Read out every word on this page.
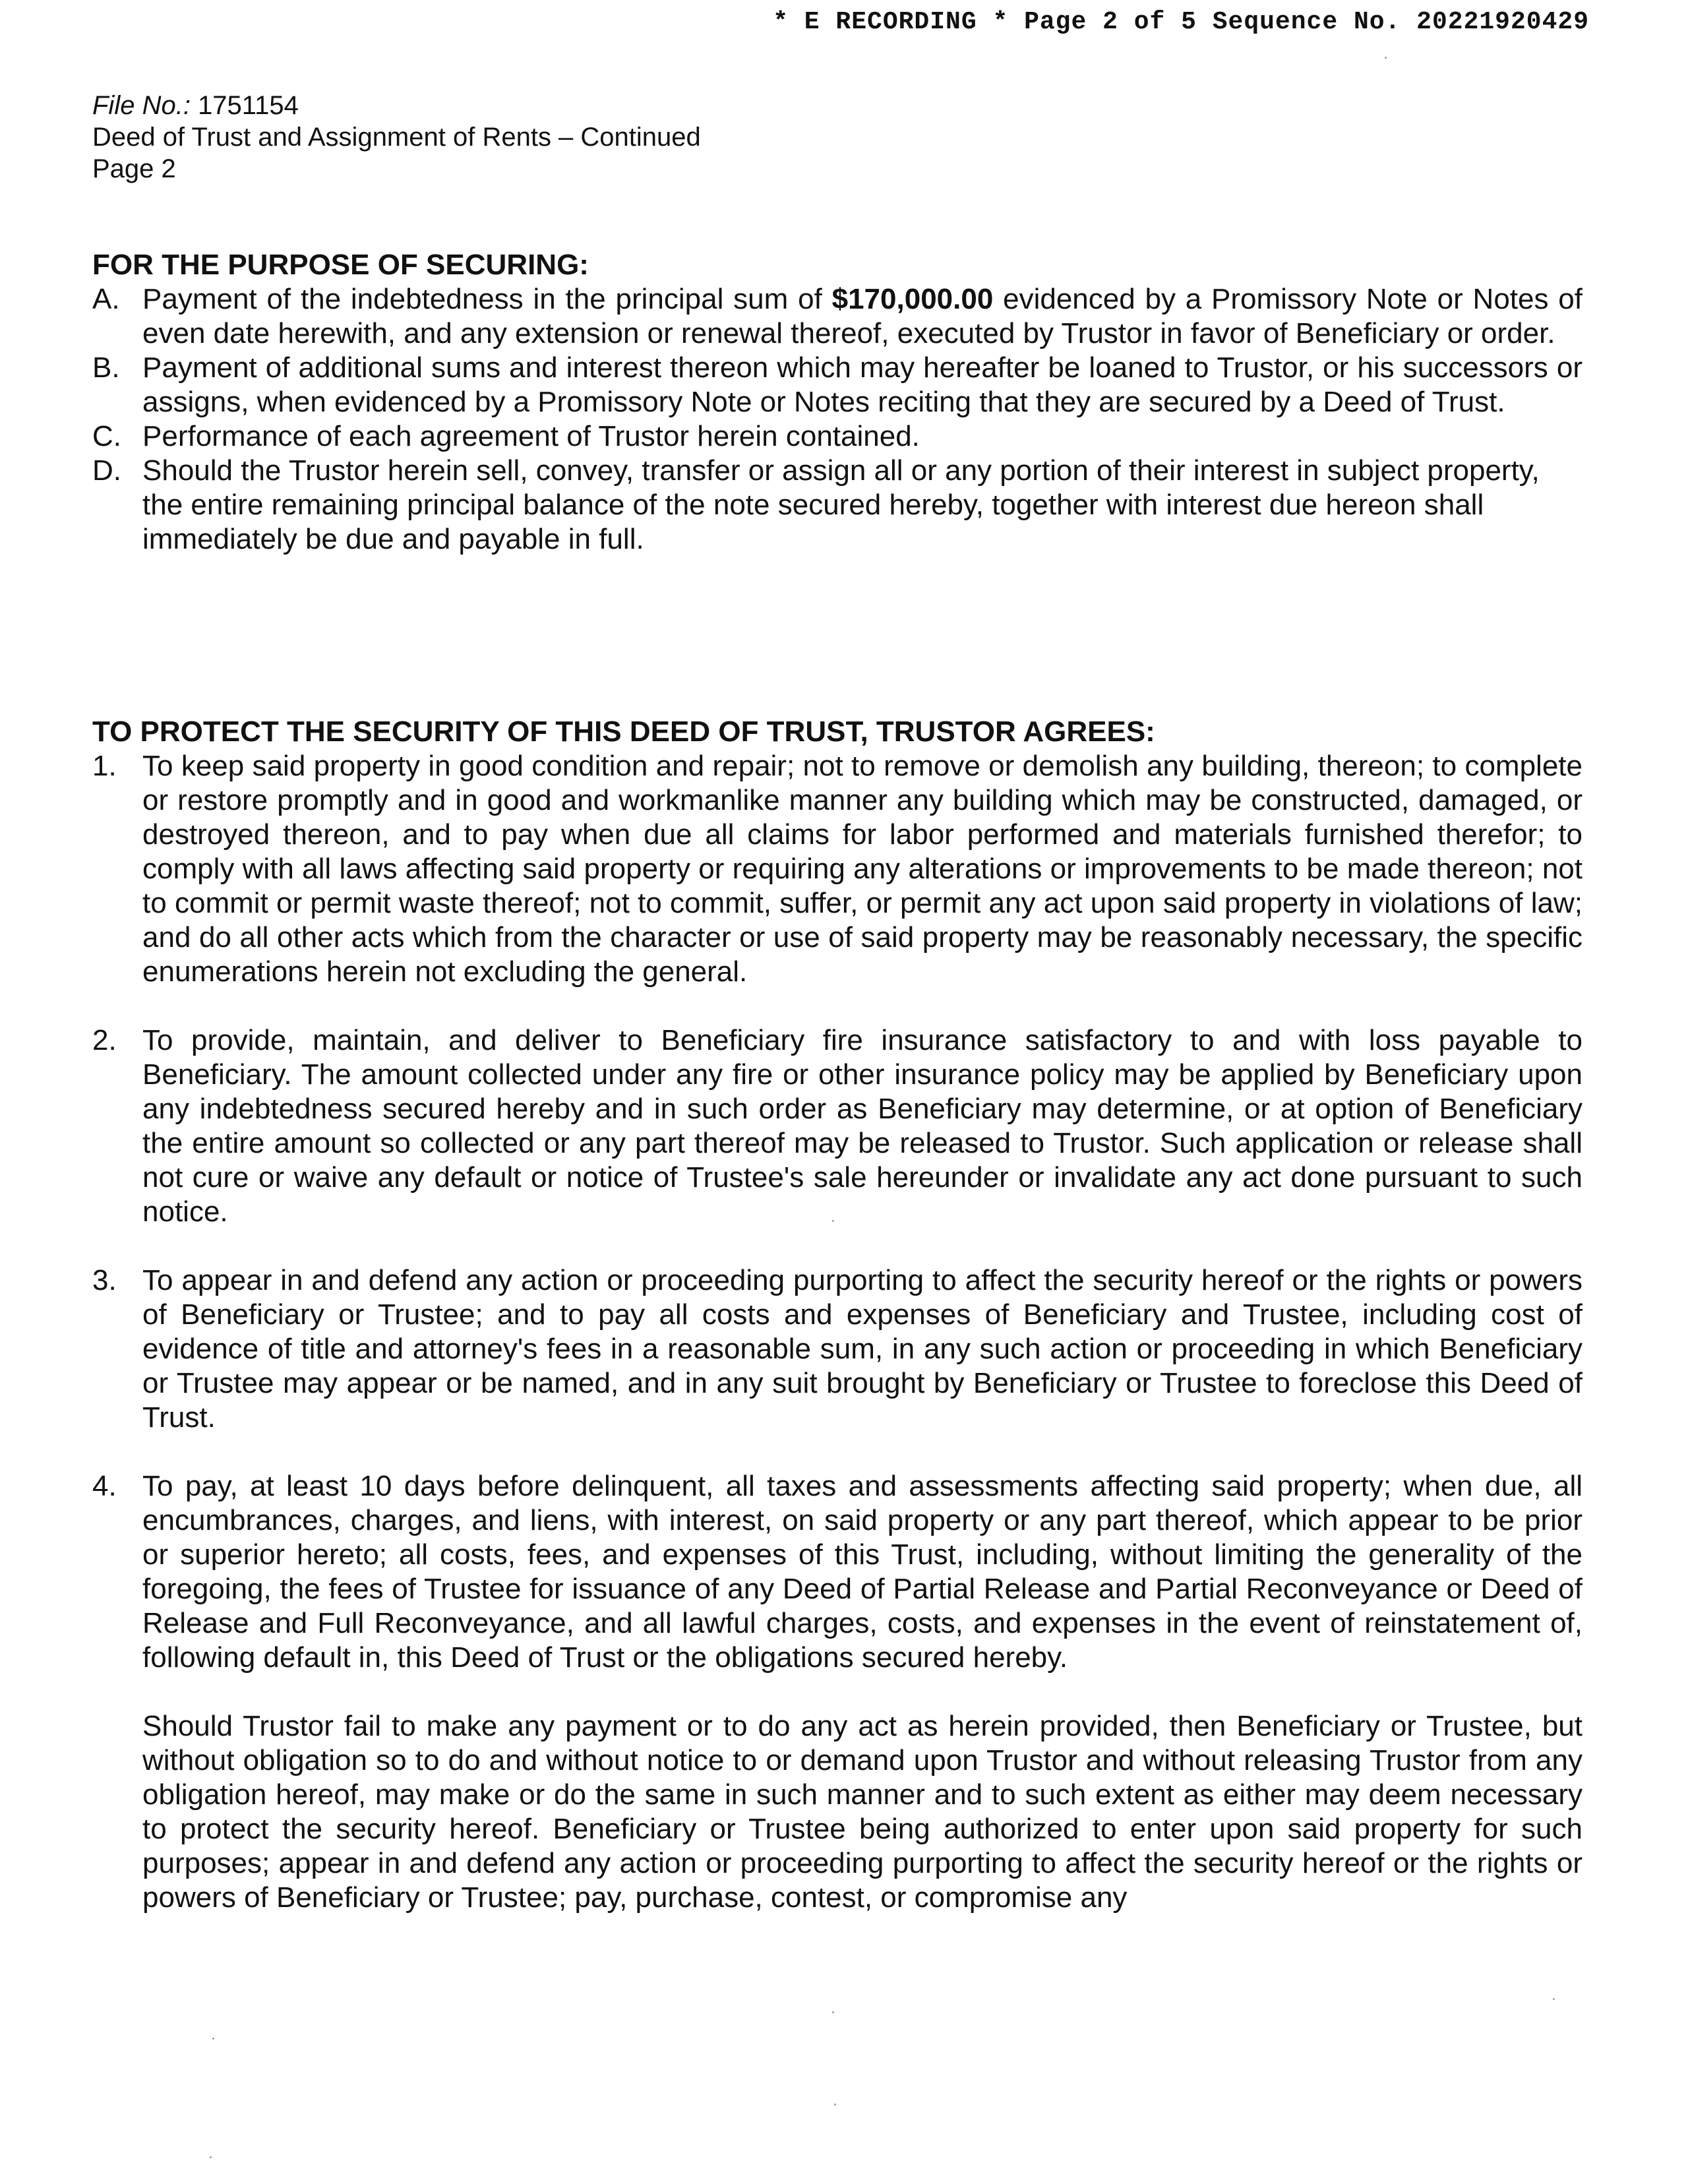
* E RECORDING * Page 2 of 5 Sequence No. 20221920429
File No.: 1751154
Deed of Trust and Assignment of Rents – Continued
Page 2
FOR THE PURPOSE OF SECURING:
A. Payment of the indebtedness in the principal sum of $170,000.00 evidenced by a Promissory Note or Notes of even date herewith, and any extension or renewal thereof, executed by Trustor in favor of Beneficiary or order.
B. Payment of additional sums and interest thereon which may hereafter be loaned to Trustor, or his successors or assigns, when evidenced by a Promissory Note or Notes reciting that they are secured by a Deed of Trust.
C. Performance of each agreement of Trustor herein contained.
D. Should the Trustor herein sell, convey, transfer or assign all or any portion of their interest in subject property, the entire remaining principal balance of the note secured hereby, together with interest due hereon shall immediately be due and payable in full.
TO PROTECT THE SECURITY OF THIS DEED OF TRUST, TRUSTOR AGREES:
1. To keep said property in good condition and repair; not to remove or demolish any building, thereon; to complete or restore promptly and in good and workmanlike manner any building which may be constructed, damaged, or destroyed thereon, and to pay when due all claims for labor performed and materials furnished therefor; to comply with all laws affecting said property or requiring any alterations or improvements to be made thereon; not to commit or permit waste thereof; not to commit, suffer, or permit any act upon said property in violations of law; and do all other acts which from the character or use of said property may be reasonably necessary, the specific enumerations herein not excluding the general.
2. To provide, maintain, and deliver to Beneficiary fire insurance satisfactory to and with loss payable to Beneficiary. The amount collected under any fire or other insurance policy may be applied by Beneficiary upon any indebtedness secured hereby and in such order as Beneficiary may determine, or at option of Beneficiary the entire amount so collected or any part thereof may be released to Trustor. Such application or release shall not cure or waive any default or notice of Trustee's sale hereunder or invalidate any act done pursuant to such notice.
3. To appear in and defend any action or proceeding purporting to affect the security hereof or the rights or powers of Beneficiary or Trustee; and to pay all costs and expenses of Beneficiary and Trustee, including cost of evidence of title and attorney's fees in a reasonable sum, in any such action or proceeding in which Beneficiary or Trustee may appear or be named, and in any suit brought by Beneficiary or Trustee to foreclose this Deed of Trust.
4. To pay, at least 10 days before delinquent, all taxes and assessments affecting said property; when due, all encumbrances, charges, and liens, with interest, on said property or any part thereof, which appear to be prior or superior hereto; all costs, fees, and expenses of this Trust, including, without limiting the generality of the foregoing, the fees of Trustee for issuance of any Deed of Partial Release and Partial Reconveyance or Deed of Release and Full Reconveyance, and all lawful charges, costs, and expenses in the event of reinstatement of, following default in, this Deed of Trust or the obligations secured hereby.
Should Trustor fail to make any payment or to do any act as herein provided, then Beneficiary or Trustee, but without obligation so to do and without notice to or demand upon Trustor and without releasing Trustor from any obligation hereof, may make or do the same in such manner and to such extent as either may deem necessary to protect the security hereof. Beneficiary or Trustee being authorized to enter upon said property for such purposes; appear in and defend any action or proceeding purporting to affect the security hereof or the rights or powers of Beneficiary or Trustee; pay, purchase, contest, or compromise any
